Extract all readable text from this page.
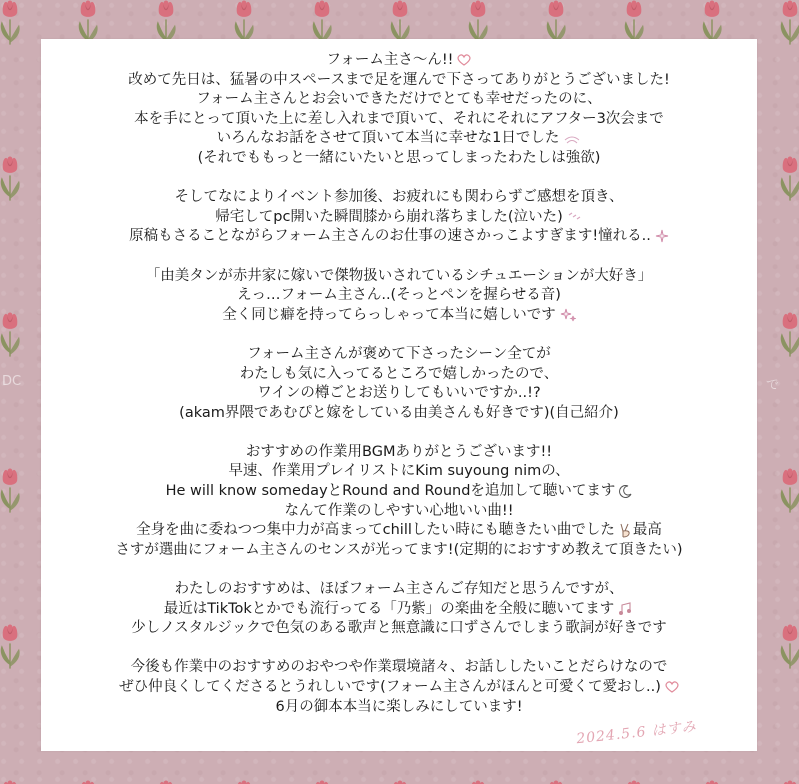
DC	で
フォーム主さ〜ん!!
改めて先日は、猛暑の中スペースまで足を運んで下さってありがとうございました!
フォーム主さんとお会いできただけでとても幸せだったのに、
本を手にとって頂いた上に差し入れまで頂いて、それにそれにアフター3次会まで
いろんなお話をさせて頂いて本当に幸せな1日でした
(それでももっと一緒にいたいと思ってしまったわたしは強欲)
そしてなによりイベント参加後、お疲れにも関わらずご感想を頂き、
帰宅してpc開いた瞬間膝から崩れ落ちました(泣いた)
原稿もさることながらフォーム主さんのお仕事の速さかっこよすぎます!憧れる..
「由美タンが赤井家に嫁いで傑物扱いされているシチュエーションが大好き」
えっ…フォーム主さん..(そっとペンを握らせる音)
全く同じ癖を持ってらっしゃって本当に嬉しいです
フォーム主さんが褒めて下さったシーン全てが
わたしも気に入ってるところで嬉しかったので、
ワインの樽ごとお送りしてもいいですか..!?
(akam界隈であむぴと嫁をしている由美さんも好きです)(自己紹介)
おすすめの作業用BGMありがとうございます!!
早速、作業用プレイリストにKim suyoung nimの、
He will know somedayとRound and Roundを追加して聴いてます
なんて作業のしやすい心地いい曲!!
全身を曲に委ねつつ集中力が高まってchillしたい時にも聴きたい曲でした 最高
さすが選曲にフォーム主さんのセンスが光ってます!(定期的におすすめ教えて頂きたい)
わたしのおすすめは、ほぼフォーム主さんご存知だと思うんですが、
最近はTikTokとかでも流行ってる「乃紫」の楽曲を全般に聴いてます
少しノスタルジックで色気のある歌声と無意識に口ずさんでしまう歌詞が好きです
今後も作業中のおすすめのおやつや作業環境諸々、お話ししたいことだらけなので
ぜひ仲良くしてくださるとうれしいです(フォーム主さんがほんと可愛くて愛おし..)
6月の御本本当に楽しみにしています!
2024.5.6 はすみ
